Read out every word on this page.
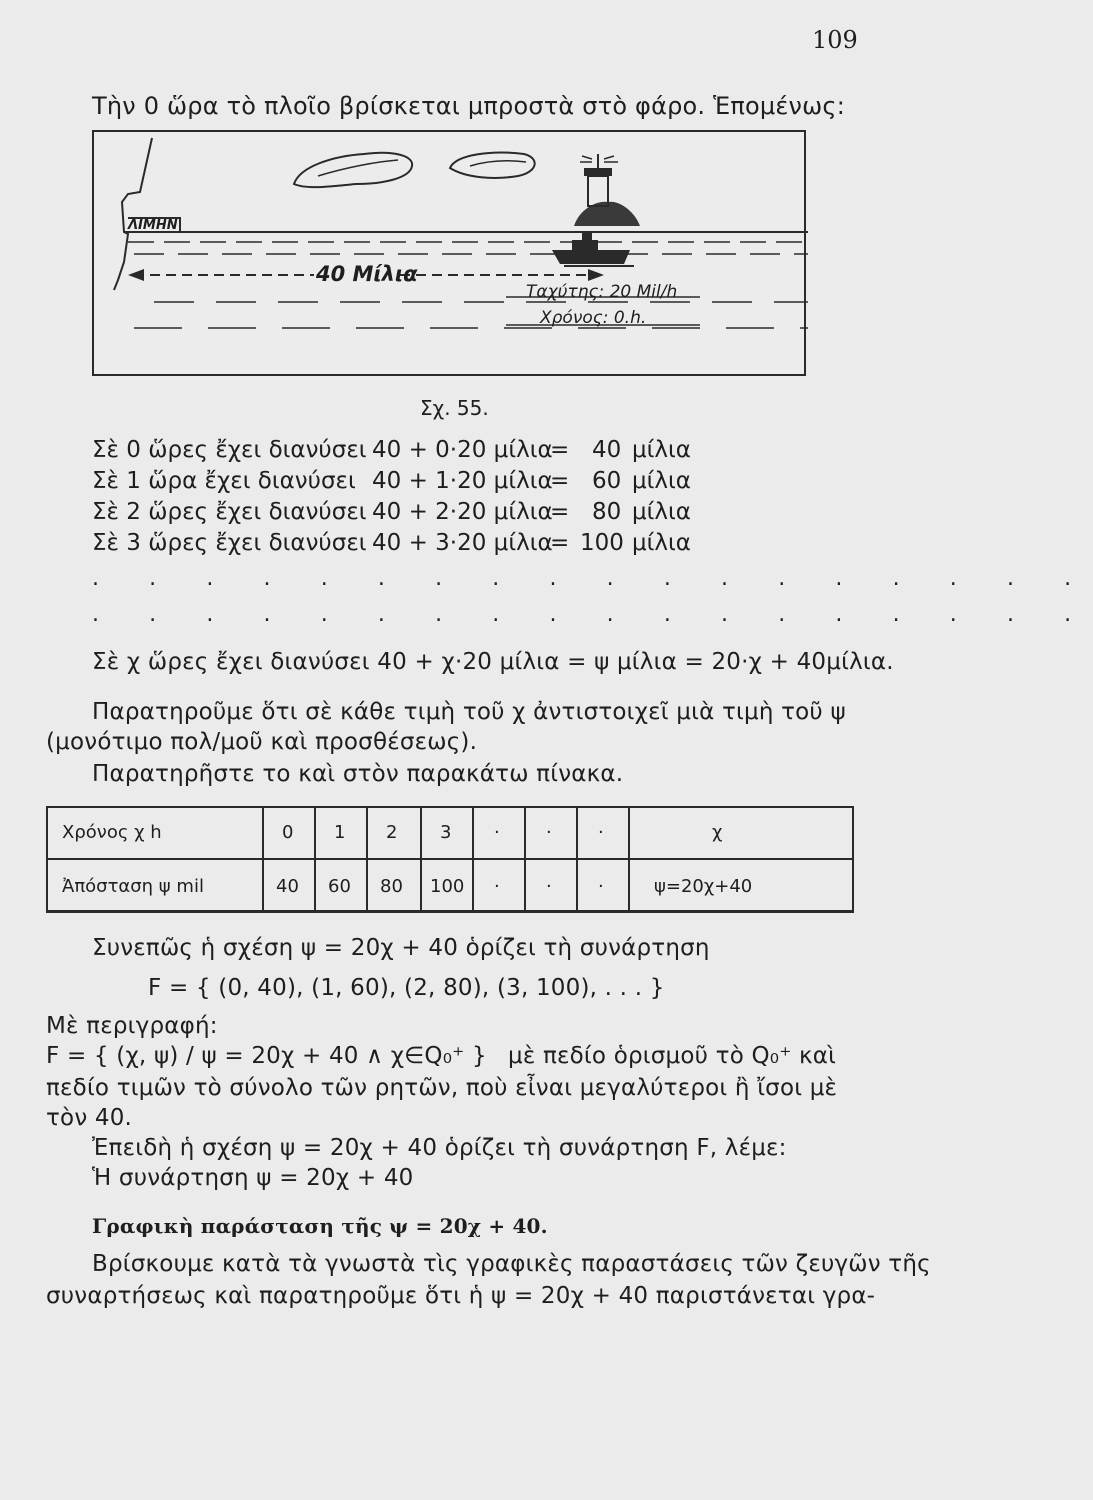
109
Τὴν 0 ὥρα τὸ πλοῖο βρίσκεται μπροστὰ στὸ φάρο. Ἑπομένως:
ΛΙΜΗΝ
40 Μίλια
Ταχύτης: 20 Mil/h
Χρόνος: 0.h.
Σχ. 55.
Σὲ 0 ὥρες ἔχει διανύσει 40 + 0·20 μίλια
= 40 μίλια
Σὲ 1 ὥρα ἔχει διανύσει 40 + 1·20 μίλια
= 60 μίλια
Σὲ 2 ὥρες ἔχει διανύσει 40 + 2·20 μίλια
= 80 μίλια
Σὲ 3 ὥρες ἔχει διανύσει 40 + 3·20 μίλια
= 100 μίλια
. . . . . . . . . . . . . . . . . .
. . . . . . . . . . . . . . . . . .
Σὲ χ ὥρες ἔχει διανύσει 40 + χ·20 μίλια = ψ μίλια = 20·χ + 40μίλια.
Παρατηροῦμε ὅτι σὲ κάθε τιμὴ τοῦ χ ἀντιστοιχεῖ μιὰ τιμὴ τοῦ ψ
(μονότιμο πολ/μοῦ καὶ προσθέσεως).
Παρατηρῆστε το καὶ στὸν παρακάτω πίνακα.
Χρόνος χ h	0 1 2 3 ·	·	·	χ
Ἀπόσταση ψ mil	40 60 80 100 ·	·	·	ψ=20χ+40
Συνεπῶς ἡ σχέση ψ = 20χ + 40 ὁρίζει τὴ συνάρτηση
F = { (0, 40), (1, 60), (2, 80), (3, 100), . . . }
Μὲ περιγραφή:
F = { (χ, ψ) / ψ = 20χ + 40 ∧ χ∈Q₀⁺ } μὲ πεδίο ὁρισμοῦ τὸ Q₀⁺ καὶ
πεδίο τιμῶν τὸ σύνολο τῶν ρητῶν, ποὺ εἶναι μεγαλύτεροι ἢ ἴσοι μὲ
τὸν 40.
Ἐπειδὴ ἡ σχέση ψ = 20χ + 40 ὁρίζει τὴ συνάρτηση F, λέμε:
Ἡ συνάρτηση ψ = 20χ + 40
Γραφικὴ παράσταση τῆς ψ = 20χ + 40.
Βρίσκουμε κατὰ τὰ γνωστὰ τὶς γραφικὲς παραστάσεις τῶν ζευγῶν τῆς
συναρτήσεως καὶ παρατηροῦμε ὅτι ἡ ψ = 20χ + 40 παριστάνεται γρα-
